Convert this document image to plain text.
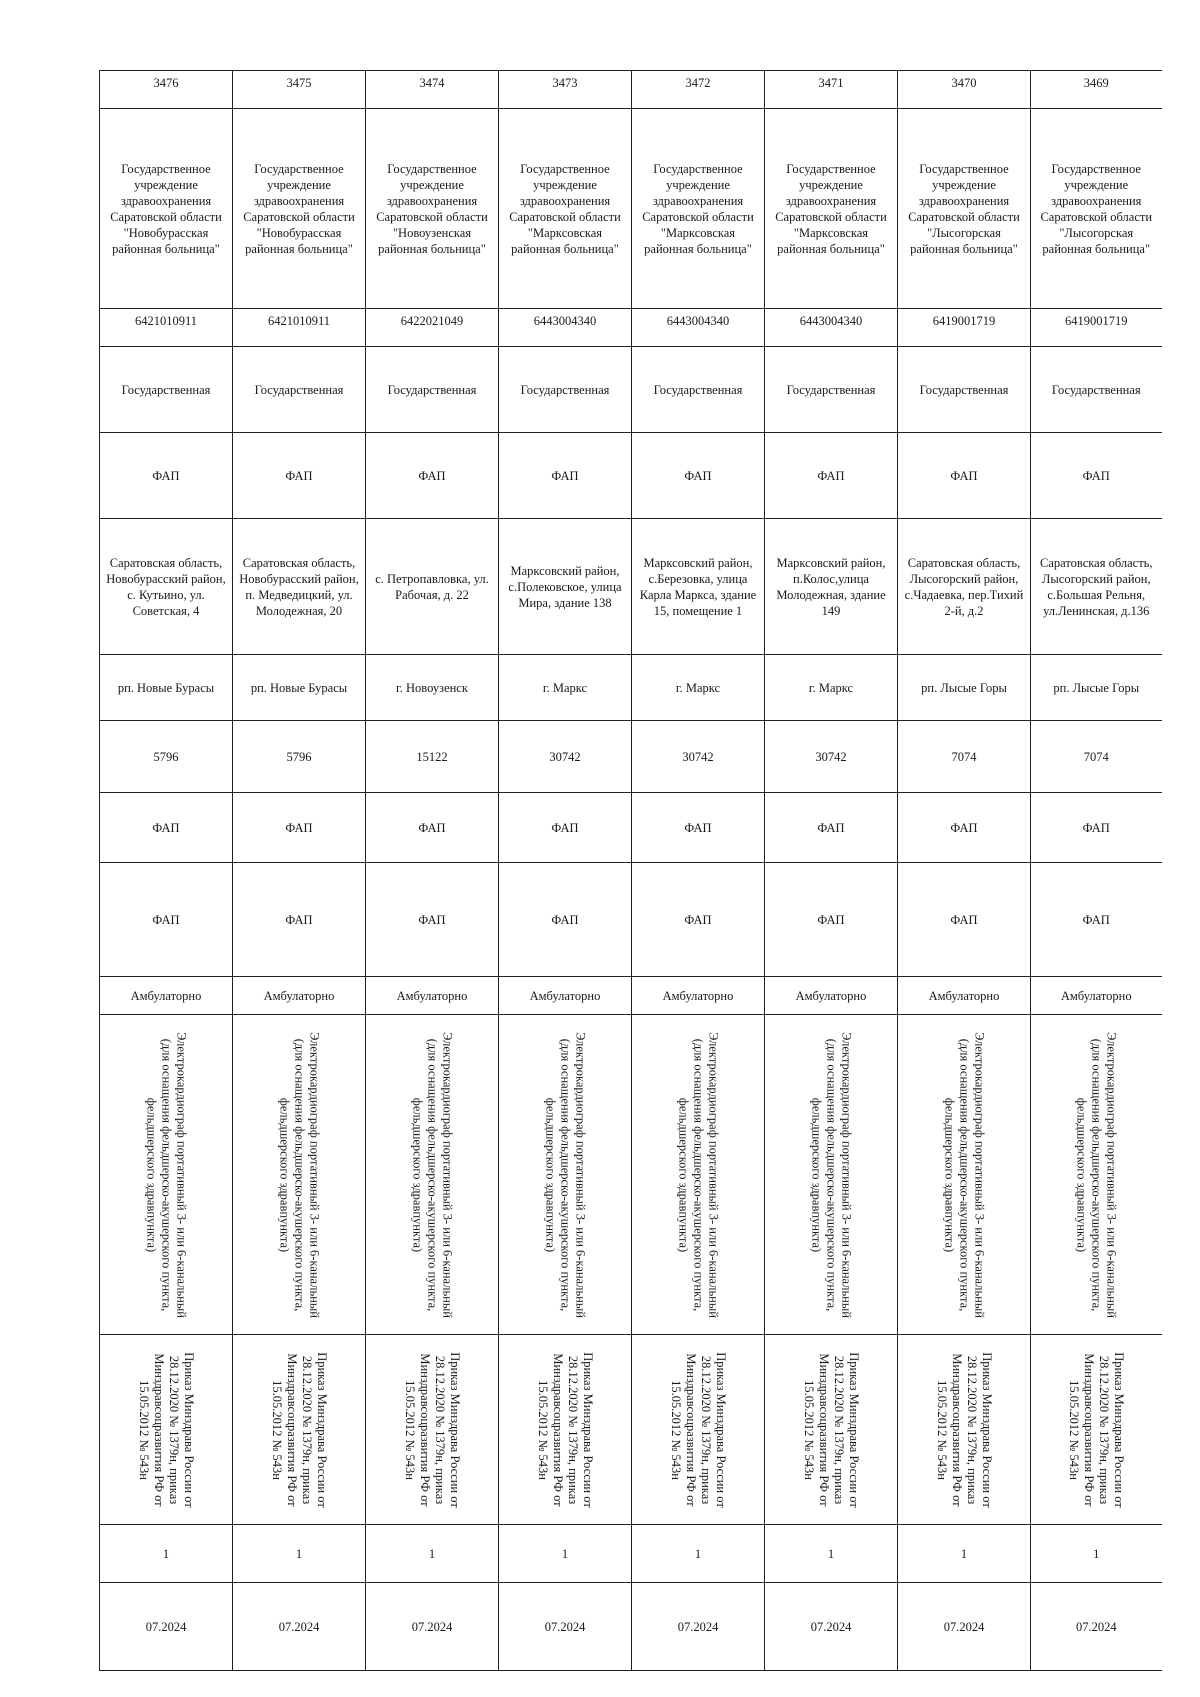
3476	3475	3474	3473	3472	3471	3470	3469
Государственное учреждение здравоохранения Саратовской области "Новобурасская районная больница"	Государственное учреждение здравоохранения Саратовской области "Новобурасская районная больница"	Государственное учреждение здравоохранения Саратовской области "Новоузенская районная больница"	Государственное учреждение здравоохранения Саратовской области "Марксовская районная больница"	Государственное учреждение здравоохранения Саратовской области "Марксовская районная больница"	Государственное учреждение здравоохранения Саратовской области "Марксовская районная больница"	Государственное учреждение здравоохранения Саратовской области "Лысогорская районная больница"	Государственное учреждение здравоохранения Саратовской области "Лысогорская районная больница"
6421010911	6421010911	6422021049	6443004340	6443004340	6443004340	6419001719	6419001719
Государственная	Государственная	Государственная	Государственная	Государственная	Государственная	Государственная	Государственная
ФАП	ФАП	ФАП	ФАП	ФАП	ФАП	ФАП	ФАП
Саратовская область, Новобурасский район, с. Кутьино, ул. Советская, 4	Саратовская область, Новобурасский район, п. Медведицкий, ул. Молодежная, 20	с. Петропавловка, ул. Рабочая, д. 22	Марксовский район, с.Полековское, улица Мира, здание 138	Марксовский район, с.Березовка, улица Карла Маркса, здание 15, помещение 1	Марксовский район, п.Колос,улица Молодежная, здание 149	Саратовская область, Лысогорский район, с.Чадаевка, пер.Тихий 2-й, д.2	Саратовская область, Лысогорский район, с.Большая Рельня, ул.Ленинская, д.136
рп. Новые Бурасы	рп. Новые Бурасы	г. Новоузенск	г. Маркс	г. Маркс	г. Маркс	рп. Лысые Горы	рп. Лысые Горы
5796	5796	15122	30742	30742	30742	7074	7074
ФАП	ФАП	ФАП	ФАП	ФАП	ФАП	ФАП	ФАП
ФАП	ФАП	ФАП	ФАП	ФАП	ФАП	ФАП	ФАП
Амбулаторно	Амбулаторно	Амбулаторно	Амбулаторно	Амбулаторно	Амбулаторно	Амбулаторно	Амбулаторно

Электрокардиограф портативный 3- или 6-канальный (для оснащения фельдшерско-акушерского пункта, фельдшерского здравпункта)	Электрокардиограф портативный 3- или 6-канальный (для оснащения фельдшерско-акушерского пункта, фельдшерского здравпункта)	Электрокардиограф портативный 3- или 6-канальный (для оснащения фельдшерско-акушерского пункта, фельдшерского здравпункта)	Электрокардиограф портативный 3- или 6-канальный (для оснащения фельдшерско-акушерского пункта, фельдшерского здравпункта)	Электрокардиограф портативный 3- или 6-канальный (для оснащения фельдшерско-акушерского пункта, фельдшерского здравпункта)	Электрокардиограф портативный 3- или 6-канальный (для оснащения фельдшерско-акушерского пункта, фельдшерского здравпункта)	Электрокардиограф портативный 3- или 6-канальный (для оснащения фельдшерско-акушерского пункта, фельдшерского здравпункта)	Электрокардиограф портативный 3- или 6-канальный (для оснащения фельдшерско-акушерского пункта, фельдшерского здравпункта)

Приказ Минздрава России от 28.12.2020 № 1379н, приказ Минздравсоцразвития РФ от 15.05.2012 № 543н	Приказ Минздрава России от 28.12.2020 № 1379н, приказ Минздравсоцразвития РФ от 15.05.2012 № 543н	Приказ Минздрава России от 28.12.2020 № 1379н, приказ Минздравсоцразвития РФ от 15.05.2012 № 543н	Приказ Минздрава России от 28.12.2020 № 1379н, приказ Минздравсоцразвития РФ от 15.05.2012 № 543н	Приказ Минздрава России от 28.12.2020 № 1379н, приказ Минздравсоцразвития РФ от 15.05.2012 № 543н	Приказ Минздрава России от 28.12.2020 № 1379н, приказ Минздравсоцразвития РФ от 15.05.2012 № 543н	Приказ Минздрава России от 28.12.2020 № 1379н, приказ Минздравсоцразвития РФ от 15.05.2012 № 543н	Приказ Минздрава России от 28.12.2020 № 1379н, приказ Минздравсоцразвития РФ от 15.05.2012 № 543н

1	1	1	1	1	1	1	1
07.2024	07.2024	07.2024	07.2024	07.2024	07.2024	07.2024	07.2024
